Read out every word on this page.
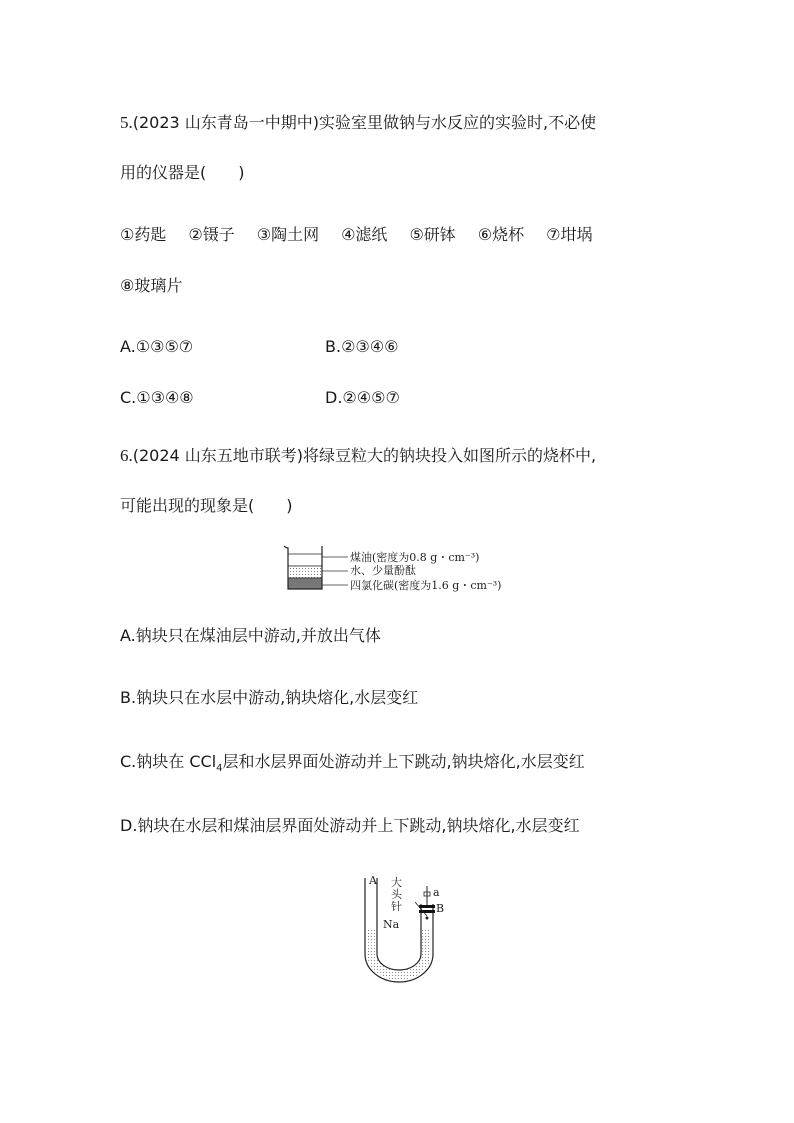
5.(2023 山东青岛一中期中)实验室里做钠与水反应的实验时,不必使
用的仪器是(　　)
①药匙 ②镊子 ③陶土网 ④滤纸 ⑤研钵 ⑥烧杯 ⑦坩埚
⑧玻璃片
A.①③⑤⑦	B.②③④⑥
C.①③④⑧	D.②④⑤⑦
6.(2024 山东五地市联考)将绿豆粒大的钠块投入如图所示的烧杯中,
可能出现的现象是(　　)
煤油(密度为0.8 g・cm⁻³)
水、少量酚酞
四氯化碳(密度为1.6 g・cm⁻³)
A.钠块只在煤油层中游动,并放出气体
B.钠块只在水层中游动,钠块熔化,水层变红
C.钠块在 CCl$_4$层和水层界面处游动并上下跳动,钠块熔化,水层变红
D.钠块在水层和煤油层界面处游动并上下跳动,钠块熔化,水层变红
A 大
头
针
a
B
Na
